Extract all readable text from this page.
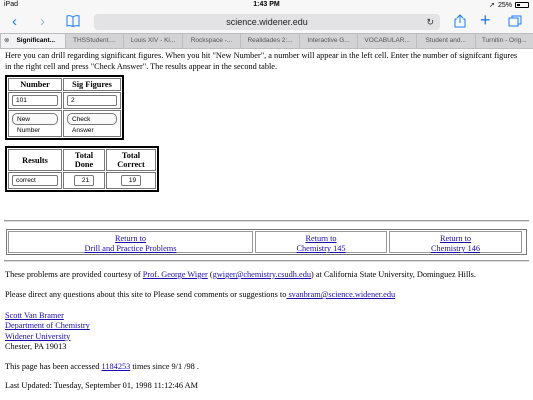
iPad	1:43 PM	➚ 25%
‹ ›	science.widener.edu	↻	+
⊗ Significant...	THSStudent....	Louis XIV - Ki...	Rockspace -...	Realidades 2:...	Interactive G...	VOCABULAR...	Student and...	Turnitin - Orig...
Here you can drill regarding significant figures. When you hit "New Number", a number will appear in the left cell. Enter the number of signifcant figures in the right cell and press "Check Answer". The results appear in the second table.
Number	Sig Figures
101	2
New Number	Check Answer
Results	Total Done	Total Correct
correct	21	19
Return to
Drill and Practice Problems
Return to
Chemistry 145
Return to
Chemistry 146
These problems are provided courtesy of Prof. George Wiger (gwiger@chemistry.csudh.edu) at California State University, Dominguez Hills.
Please direct any questions about this site to Please send comments or suggestions to svanbram@science.widener.edu
Scott Van Bramer
Department of Chemistry
Widener University
Chester, PA 19013
This page has been accessed 1184253 times since 9/1 /98 .
Last Updated: Tuesday, September 01, 1998 11:12:46 AM
